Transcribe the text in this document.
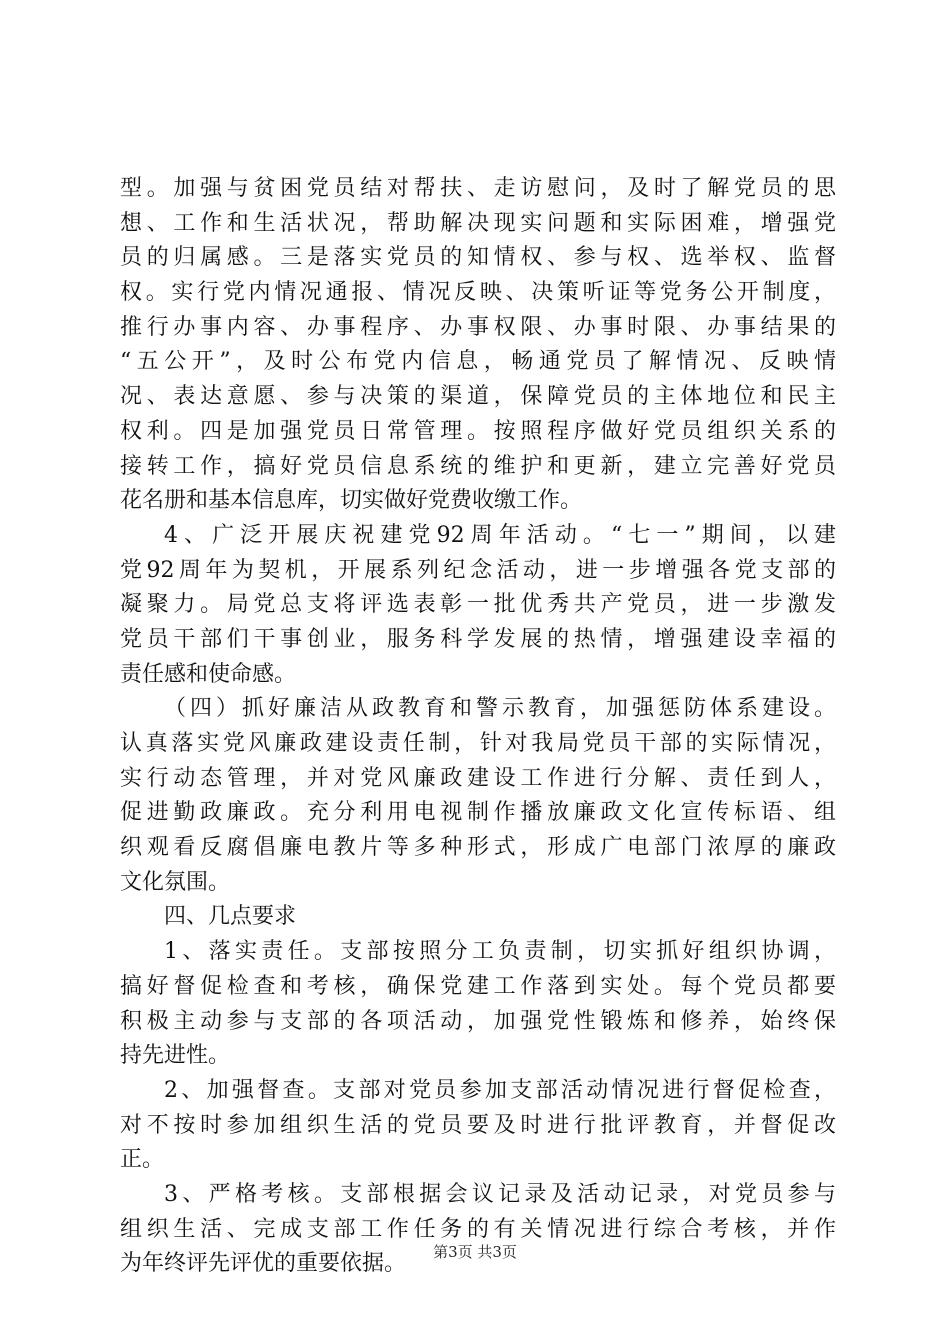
型。加强与贫困党员结对帮扶、走访慰问，及时了解党员的思
想、工作和生活状况，帮助解决现实问题和实际困难，增强党
员的归属感。三是落实党员的知情权、参与权、选举权、监督
权。实行党内情况通报、情况反映、决策听证等党务公开制度，
推行办事内容、办事程序、办事权限、办事时限、办事结果的
“五公开”，及时公布党内信息，畅通党员了解情况、反映情
况、表达意愿、参与决策的渠道，保障党员的主体地位和民主
权利。四是加强党员日常管理。按照程序做好党员组织关系的
接转工作，搞好党员信息系统的维护和更新，建立完善好党员
花名册和基本信息库，切实做好党费收缴工作。
4、广泛开展庆祝建党92周年活动。“七一”期间，以建
党92周年为契机，开展系列纪念活动，进一步增强各党支部的
凝聚力。局党总支将评选表彰一批优秀共产党员，进一步激发
党员干部们干事创业，服务科学发展的热情，增强建设幸福的
责任感和使命感。
（四）抓好廉洁从政教育和警示教育，加强惩防体系建设。
认真落实党风廉政建设责任制，针对我局党员干部的实际情况，
实行动态管理，并对党风廉政建设工作进行分解、责任到人，
促进勤政廉政。充分利用电视制作播放廉政文化宣传标语、组
织观看反腐倡廉电教片等多种形式，形成广电部门浓厚的廉政
文化氛围。
四、几点要求
1、落实责任。支部按照分工负责制，切实抓好组织协调，
搞好督促检查和考核，确保党建工作落到实处。每个党员都要
积极主动参与支部的各项活动，加强党性锻炼和修养，始终保
持先进性。
2、加强督查。支部对党员参加支部活动情况进行督促检查，
对不按时参加组织生活的党员要及时进行批评教育，并督促改
正。
3、严格考核。支部根据会议记录及活动记录，对党员参与
组织生活、完成支部工作任务的有关情况进行综合考核，并作
为年终评先评优的重要依据。	第3页 共3页
